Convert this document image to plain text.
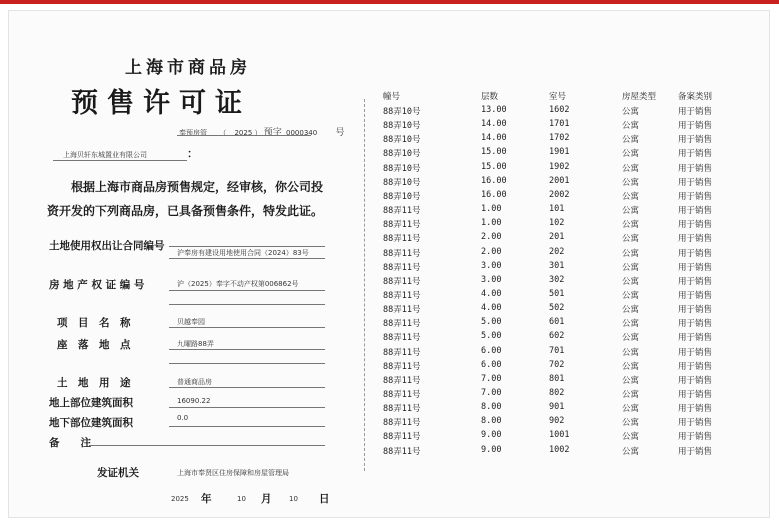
上海市商品房
预售许可证
奉预房管 （ 2025 ） 预字 0000340 号
上海贝轩东城置业有限公司	：
根据上海市商品房预售规定，经审核，你公司投
资开发的下列商品房，已具备预售条件，特发此证。
土地使用权出让合同编号
沪奉房有建设用地使用合同（2024）83号
房 地 产 权 证 编 号	沪（2025）奉字不动产权第006862号
项　目　名　称	贝越奉园
座　落　地　点	九曜路88弄
土　地　用　途	普通商品房
地上部位建筑面积	16090.22
地下部位建筑面积	0.0
备　　注
发证机关	上海市奉贤区住房保障和房屋管理局
2025 年	10 月	10 日
幢号	层数	室号	房屋类型	备案类别
88弄10号	13.00	1602	公寓	用于销售
88弄10号	14.00	1701	公寓	用于销售
88弄10号	14.00	1702	公寓	用于销售
88弄10号	15.00	1901	公寓	用于销售
88弄10号	15.00	1902	公寓	用于销售
88弄10号	16.00	2001	公寓	用于销售
88弄10号	16.00	2002	公寓	用于销售
88弄11号	1.00	101	公寓	用于销售
88弄11号	1.00	102	公寓	用于销售
88弄11号	2.00	201	公寓	用于销售
88弄11号	2.00	202	公寓	用于销售
88弄11号	3.00	301	公寓	用于销售
88弄11号	3.00	302	公寓	用于销售
88弄11号	4.00	501	公寓	用于销售
88弄11号	4.00	502	公寓	用于销售
88弄11号	5.00	601	公寓	用于销售
88弄11号	5.00	602	公寓	用于销售
88弄11号	6.00	701	公寓	用于销售
88弄11号	6.00	702	公寓	用于销售
88弄11号	7.00	801	公寓	用于销售
88弄11号	7.00	802	公寓	用于销售
88弄11号	8.00	901	公寓	用于销售
88弄11号	8.00	902	公寓	用于销售
88弄11号	9.00	1001	公寓	用于销售
88弄11号	9.00	1002	公寓	用于销售
